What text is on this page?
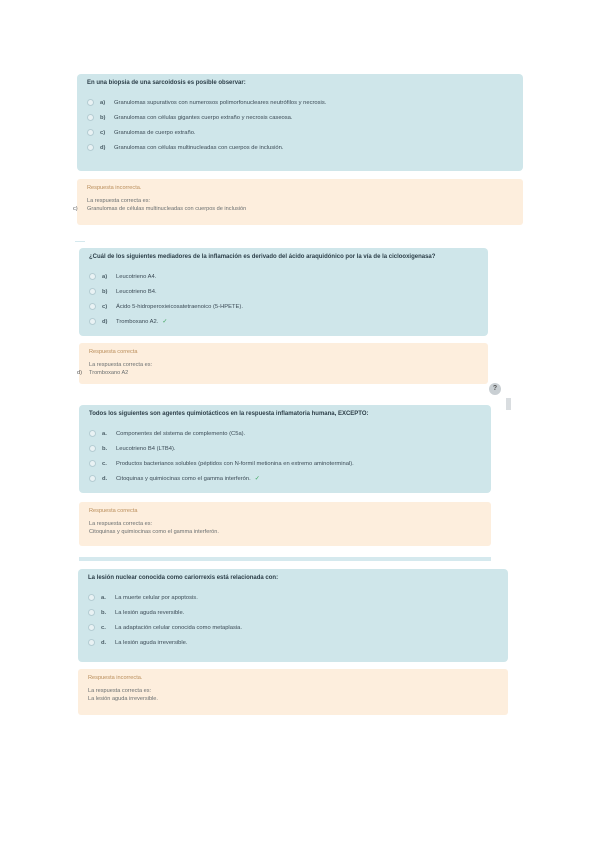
En una biopsia de una sarcoidosis es posible observar:

a)	Granulomas supurativos con numerosos polimorfonucleares neutrófilos y necrosis.
b)	Granulomas con células gigantes cuerpo extraño y necrosis caseosa.
c)	Granulomas de cuerpo extraño.
d)	Granulomas con células multinucleadas con cuerpos de inclusión.
Respuesta incorrecta.
La respuesta correcta es:
c) Granulomas de células multinucleadas con cuerpos de inclusión

¿Cuál de los siguientes mediadores de la inflamación es derivado del ácido araquidónico por la vía de la ciclooxigenasa?

a)	Leucotrieno A4.
b)	Leucotrieno B4.
c)	Ácido 5-hidroperoxieicosatetraenoico (5-HPETE).
d)	Tromboxano A2. ✓
Respuesta correcta
La respuesta correcta es:
d) Tromboxano A2
?

Todos los siguientes son agentes quimiotácticos en la respuesta inflamatoria humana, EXCEPTO:

a.	Componentes del sistema de complemento (C5a).
b.	Leucotrieno B4 (LTB4).
c.	Productos bacterianos solubles (péptidos con N-formil metionina en extremo aminoterminal).
d.	Citoquinas y quimiocinas como el gamma interferón. ✓
Respuesta correcta
La respuesta correcta es:
Citoquinas y quimiocinas como el gamma interferón.

La lesión nuclear conocida como cariorrexis está relacionada con:

a.	La muerte celular por apoptosis.
b.	La lesión aguda reversible.
c.	La adaptación celular conocida como metaplasia.
d.	La lesión aguda irreversible.
Respuesta incorrecta.
La respuesta correcta es:
La lesión aguda irreversible.
